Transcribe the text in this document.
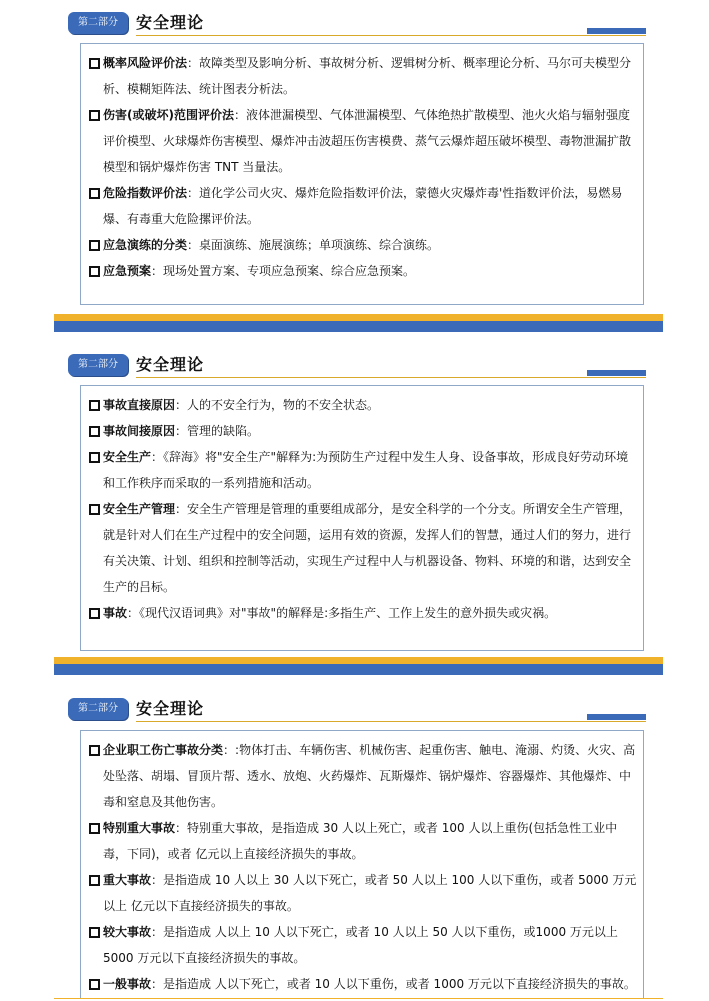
第二部分	安全理论

概率风险评价法：故障类型及影响分析、事故树分析、逻辑树分析、概率理论分析、马尔可夫模型分析、模糊矩阵法、统计图表分析法。

伤害(或破坏)范围评价法：液体泄漏模型、气体泄漏模型、气体绝热扩散模型、池火火焰与辐射强度评价模型、火球爆炸伤害模型、爆炸冲击波超压伤害模费、蒸气云爆炸超压破坏模型、毒物泄漏扩散模型和锅炉爆炸伤害 TNT 当量法。

危险指数评价法：道化学公司火灾、爆炸危险指数评价法，蒙德火灾爆炸毒'性指数评价法，易燃易爆、有毒重大危险摞评价法。

应急演练的分类：桌面演练、施展演练；单项演练、综合演练。

应急预案：现场处置方案、专项应急预案、综合应急预案。

第二部分	安全理论

事故直接原因：人的不安全行为，物的不安全状态。

事故间接原因：管理的缺陷。

安全生产：《辞海》将"安全生产"解释为:为预防生产过程中发生人身、设备事故，形成良好劳动环境和工作秩序而采取的一系列措施和活动。

安全生产管理：安全生产管理是管理的重要组成部分，是安全科学的一个分支。所谓安全生产管理，就是针对人们在生产过程中的安全问题，运用有效的资源，发挥人们的智慧，通过人们的努力，进行有关决策、计划、组织和控制等活动，实现生产过程中人与机器设备、物料、环境的和谐，达到安全生产的吕标。

事故：《现代汉语词典》对"事故"的解释是:多指生产、工作上发生的意外损失或灾祸。

第二部分	安全理论

企业职工伤亡事故分类：:物体打击、车辆伤害、机械伤害、起重伤害、触电、淹溺、灼烫、火灾、高处坠落、胡塌、冒顶片帮、透水、放炮、火药爆炸、瓦斯爆炸、锅炉爆炸、容器爆炸、其他爆炸、中毒和窒息及其他伤害。

特别重大事故：特别重大事故，是指造成 30 人以上死亡，或者 100 人以上重伤(包括急性工业中毒，下同)，或者 亿元以上直接经济损失的事故。

重大事故：是指造成 10 人以上 30 人以下死亡，或者 50 人以上 100 人以下重伤，或者 5000 万元以上 亿元以下直接经济损失的事故。

较大事故：是指造成 人以上 10 人以下死亡，或者 10 人以上 50 人以下重伤，或1000 万元以上 5000 万元以下直接经济损失的事故。

一般事故：是指造成 人以下死亡，或者 10 人以下重伤，或者 1000 万元以下直接经济损失的事故。
